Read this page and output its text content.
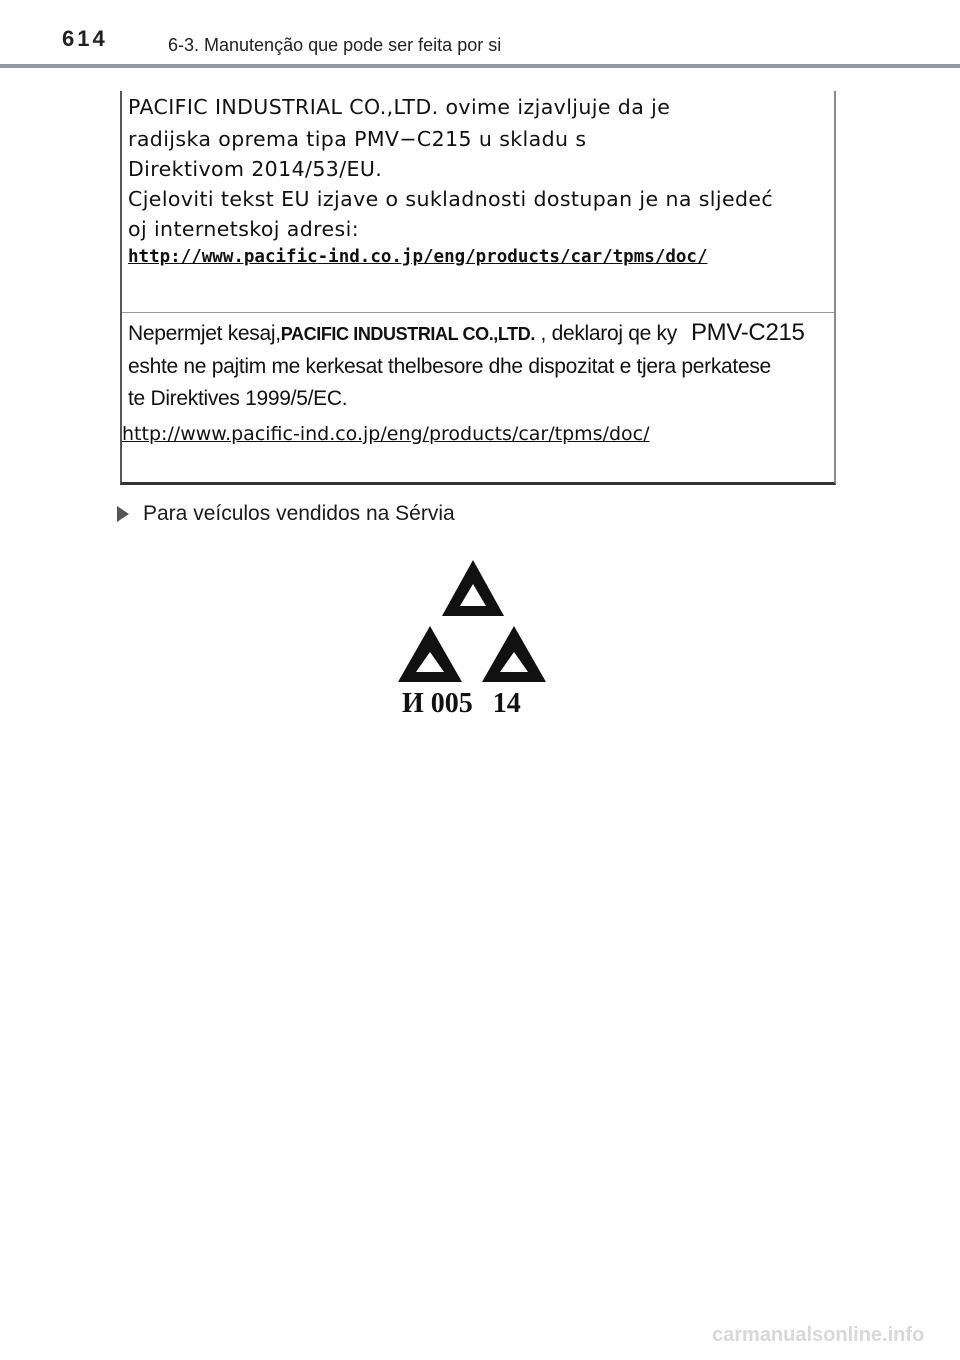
614	6-3. Manutenção que pode ser feita por si
PACIFIC INDUSTRIAL CO.,LTD. ovime izjavljuje da je
radijska oprema tipa PMV−C215 u skladu s
Direktivom 2014/53/EU.
Cjeloviti tekst EU izjave o sukladnosti dostupan je na sljedeć
oj internetskoj adresi:
http://www.pacific-ind.co.jp/eng/products/car/tpms/doc/
Nepermjet kesaj,PACIFIC INDUSTRIAL CO.,LTD. , deklaroj qe ky PMV-C215
eshte ne pajtim me kerkesat thelbesore dhe dispozitat e tjera perkatese
te Direktives 1999/5/EC.
http://www.pacific-ind.co.jp/eng/products/car/tpms/doc/
Para veículos vendidos na Sérvia
И 005 14
carmanualsonline.info
